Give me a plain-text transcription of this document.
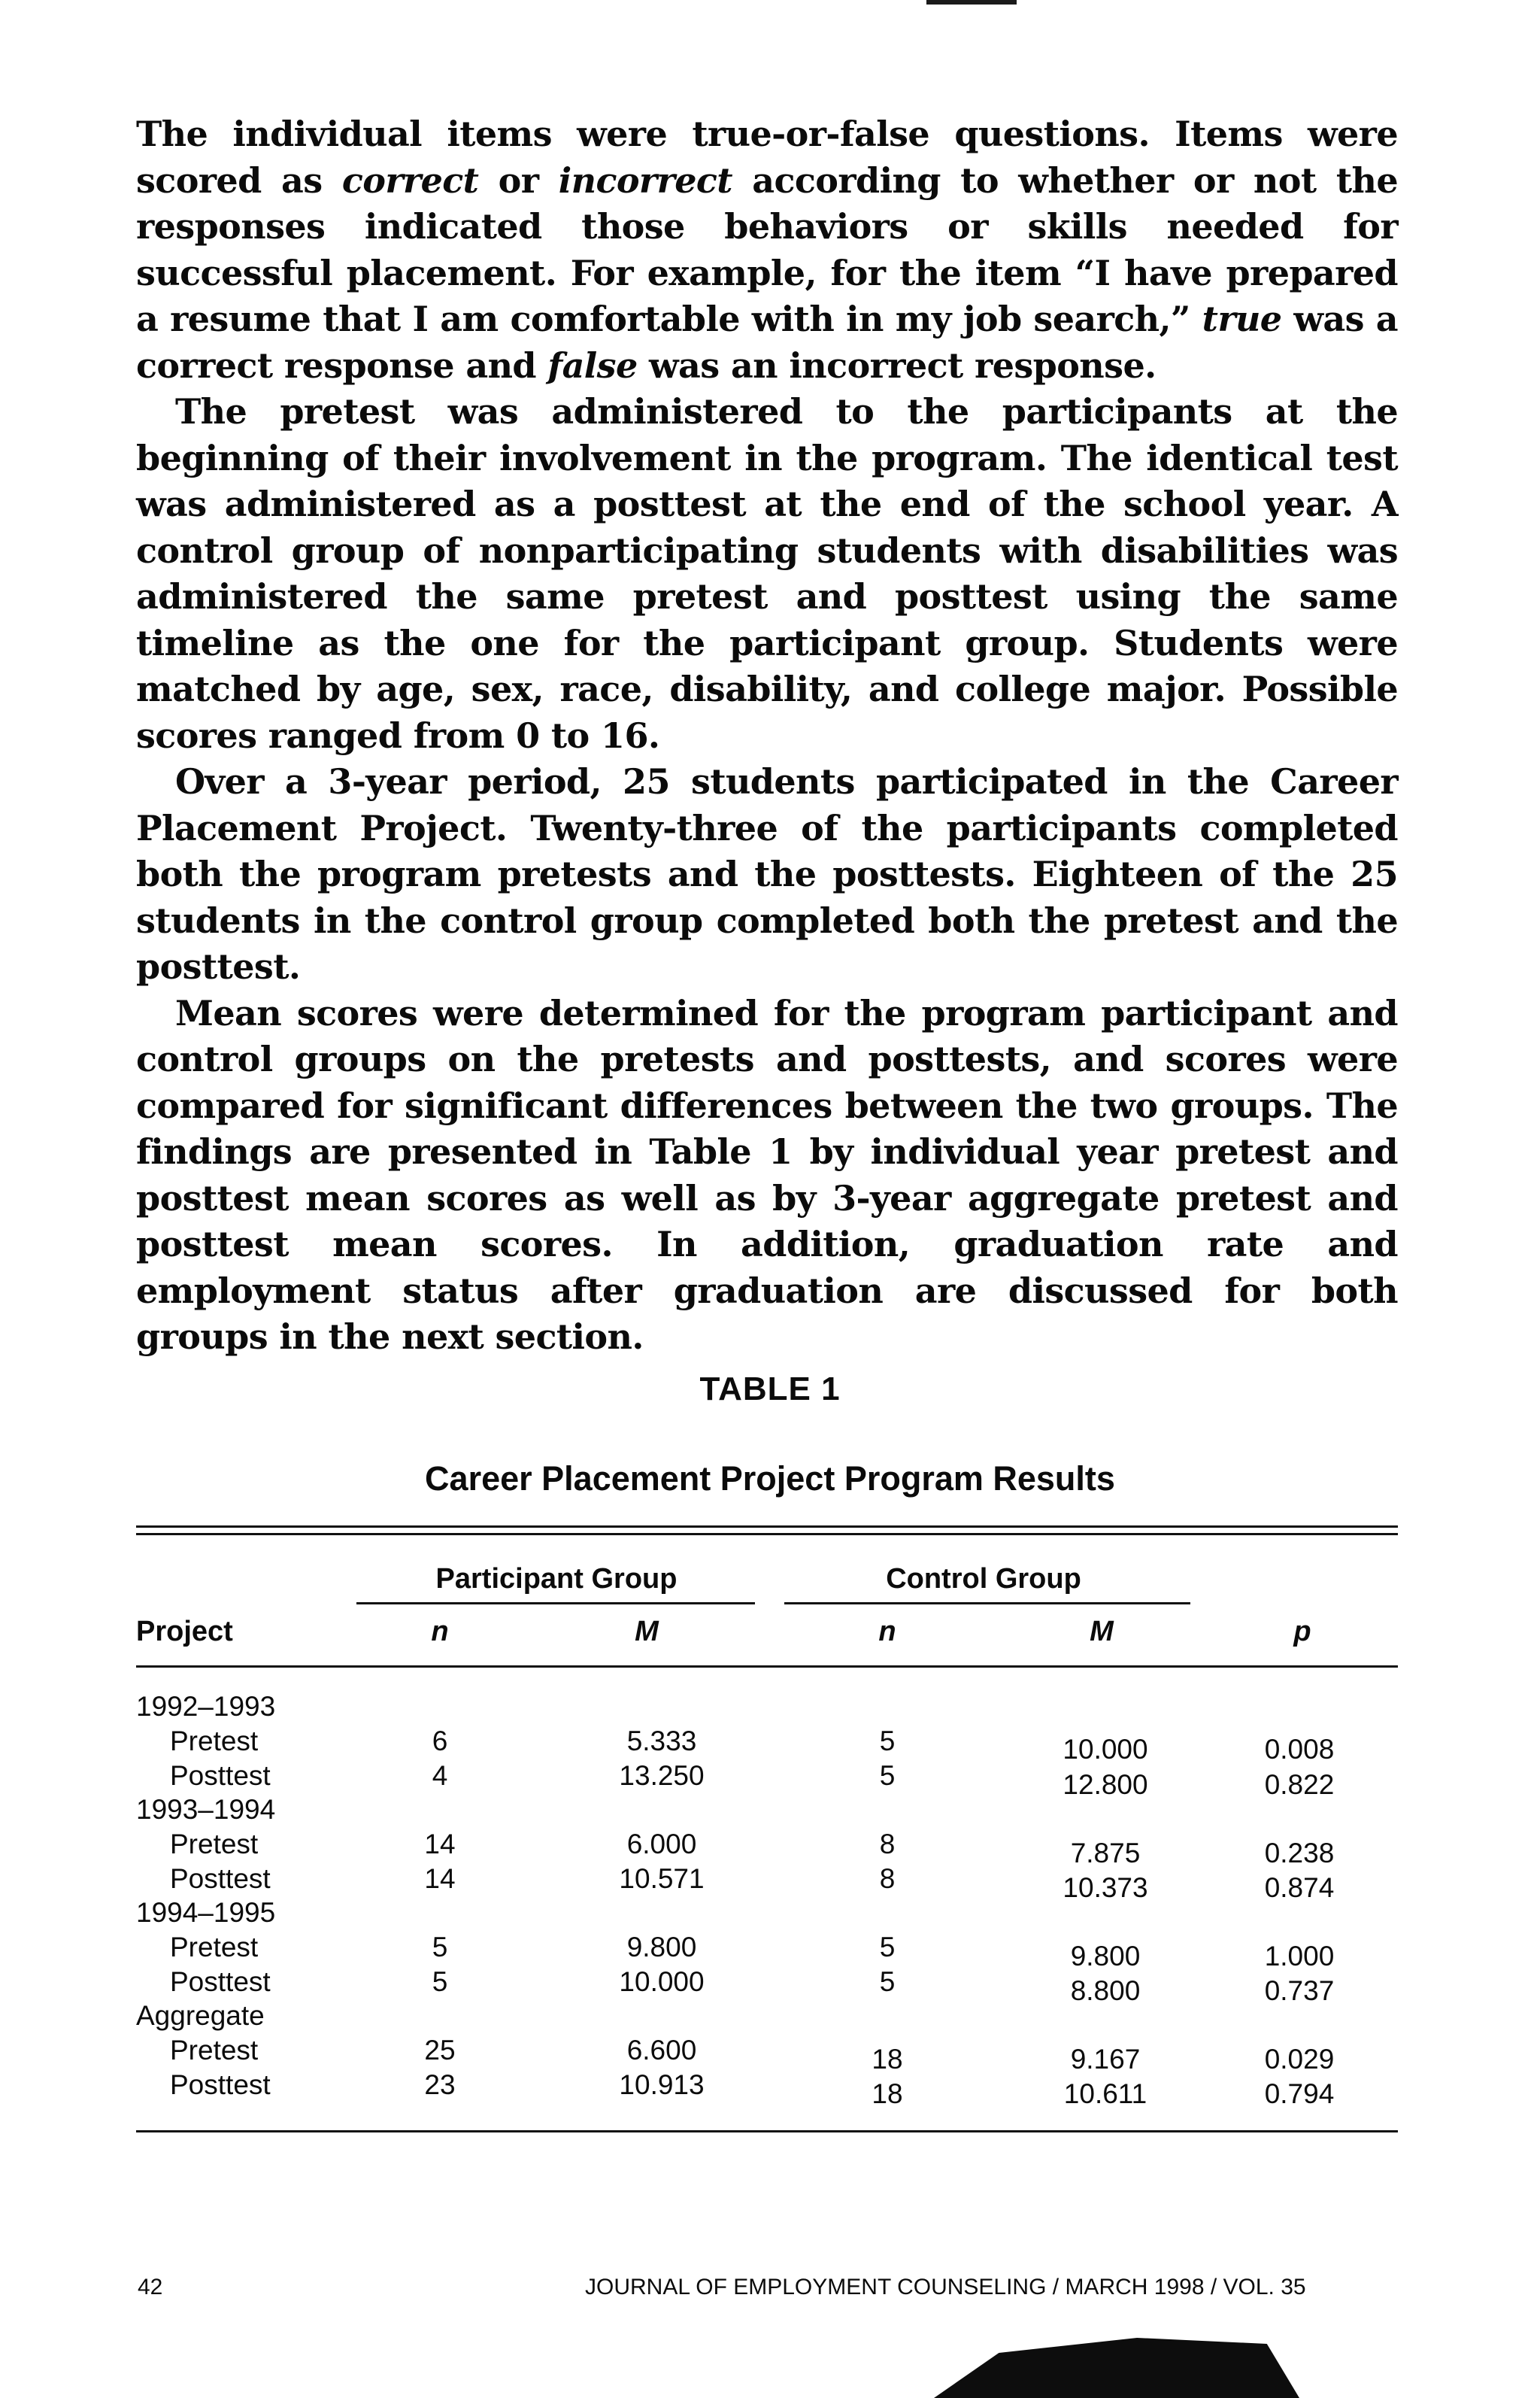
The individual items were true-or-false questions. Items were scored as correct or incorrect according to whether or not the responses indicated those behaviors or skills needed for successful placement. For example, for the item “I have prepared a resume that I am comfortable with in my job search,” true was a correct response and false was an incorrect response.

The pretest was administered to the participants at the beginning of their involvement in the program. The identical test was administered as a posttest at the end of the school year. A control group of nonparticipating students with disabilities was administered the same pretest and posttest using the same timeline as the one for the participant group. Students were matched by age, sex, race, disability, and college major. Possible scores ranged from 0 to 16.

Over a 3-year period, 25 students participated in the Career Placement Project. Twenty-three of the participants completed both the program pretests and the posttests. Eighteen of the 25 students in the control group completed both the pretest and the posttest.

Mean scores were determined for the program participant and control groups on the pretests and posttests, and scores were compared for significant differences between the two groups. The findings are presented in Table 1 by individual year pretest and posttest mean scores as well as by 3-year aggregate pretest and posttest mean scores. In addition, graduation rate and employment status after graduation are discussed for both groups in the next section.

TABLE 1
Career Placement Project Program Results
Participant Group	Control Group
Project	n	M	n	M	p
1992–1993
Pretest	6	5.333	5	10.000	0.008
Posttest	4	13.250	5	12.800	0.822
1993–1994
Pretest	14	6.000	8	7.875	0.238
Posttest	14	10.571	8	10.373	0.874
1994–1995
Pretest	5	9.800	5	9.800	1.000
Posttest	5	10.000	5	8.800	0.737
Aggregate
Pretest	25	6.600	18	9.167	0.029
Posttest	23	10.913	18	10.611	0.794
42	JOURNAL OF EMPLOYMENT COUNSELING / MARCH 1998 / VOL. 35
